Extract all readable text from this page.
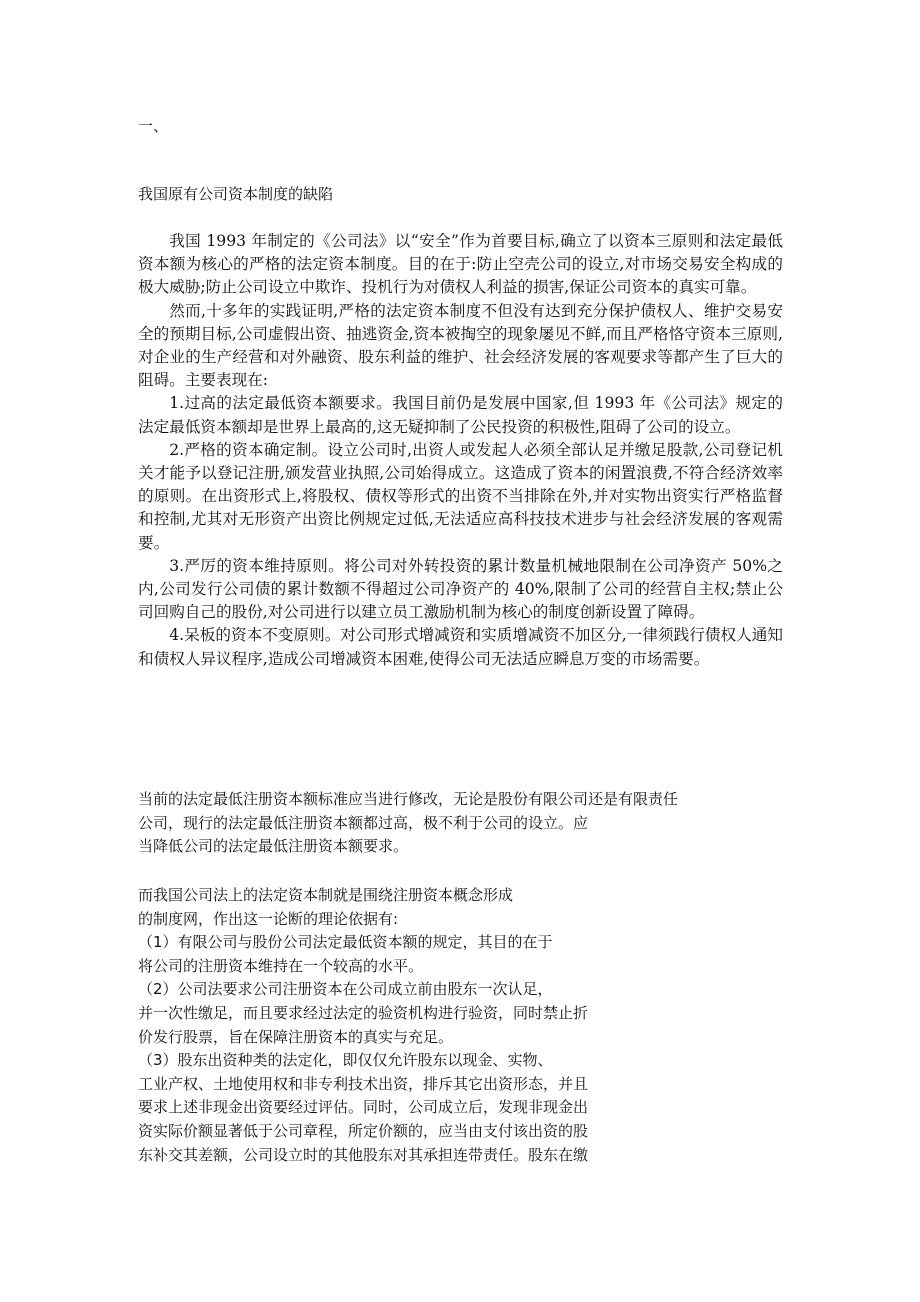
一、
我国原有公司资本制度的缺陷

我国 1993 年制定的《公司法》以“安全”作为首要目标,确立了以资本三原则和法定最低资本额为核心的严格的法定资本制度。目的在于:防止空壳公司的设立,对市场交易安全构成的极大威胁;防止公司设立中欺诈、投机行为对债权人利益的损害,保证公司资本的真实可靠。

然而,十多年的实践证明,严格的法定资本制度不但没有达到充分保护债权人、维护交易安全的预期目标,公司虚假出资、抽逃资金,资本被掏空的现象屡见不鲜,而且严格恪守资本三原则,对企业的生产经营和对外融资、股东利益的维护、社会经济发展的客观要求等都产生了巨大的阻碍。主要表现在:

1.过高的法定最低资本额要求。我国目前仍是发展中国家,但 1993 年《公司法》规定的法定最低资本额却是世界上最高的,这无疑抑制了公民投资的积极性,阻碍了公司的设立。

2.严格的资本确定制。设立公司时,出资人或发起人必须全部认足并缴足股款,公司登记机关才能予以登记注册,颁发营业执照,公司始得成立。这造成了资本的闲置浪费,不符合经济效率的原则。在出资形式上,将股权、债权等形式的出资不当排除在外,并对实物出资实行严格监督和控制,尤其对无形资产出资比例规定过低,无法适应高科技技术进步与社会经济发展的客观需要。

3.严厉的资本维持原则。将公司对外转投资的累计数量机械地限制在公司净资产 50%之内,公司发行公司债的累计数额不得超过公司净资产的 40%,限制了公司的经营自主权;禁止公司回购自己的股份,对公司进行以建立员工激励机制为核心的制度创新设置了障碍。

4.呆板的资本不变原则。对公司形式增减资和实质增减资不加区分,一律须践行债权人通知和债权人异议程序,造成公司增减资本困难,使得公司无法适应瞬息万变的市场需要。

当前的法定最低注册资本额标准应当进行修改，无论是股份有限公司还是有限责任
公司，现行的法定最低注册资本额都过高，极不利于公司的设立。应
当降低公司的法定最低注册资本额要求。

而我国公司法上的法定资本制就是围绕注册资本概念形成
的制度网，作出这一论断的理论依据有:
（1）有限公司与股份公司法定最低资本额的规定，其目的在于
将公司的注册资本维持在一个较高的水平。
（2）公司法要求公司注册资本在公司成立前由股东一次认足，
并一次性缴足，而且要求经过法定的验资机构进行验资，同时禁止折
价发行股票，旨在保障注册资本的真实与充足。
（3）股东出资种类的法定化，即仅仅允许股东以现金、实物、
工业产权、土地使用权和非专利技术出资，排斥其它出资形态，并且
要求上述非现金出资要经过评估。同时，公司成立后，发现非现金出
资实际价额显著低于公司章程，所定价额的，应当由支付该出资的股
东补交其差额，公司设立时的其他股东对其承担连带责任。股东在缴
